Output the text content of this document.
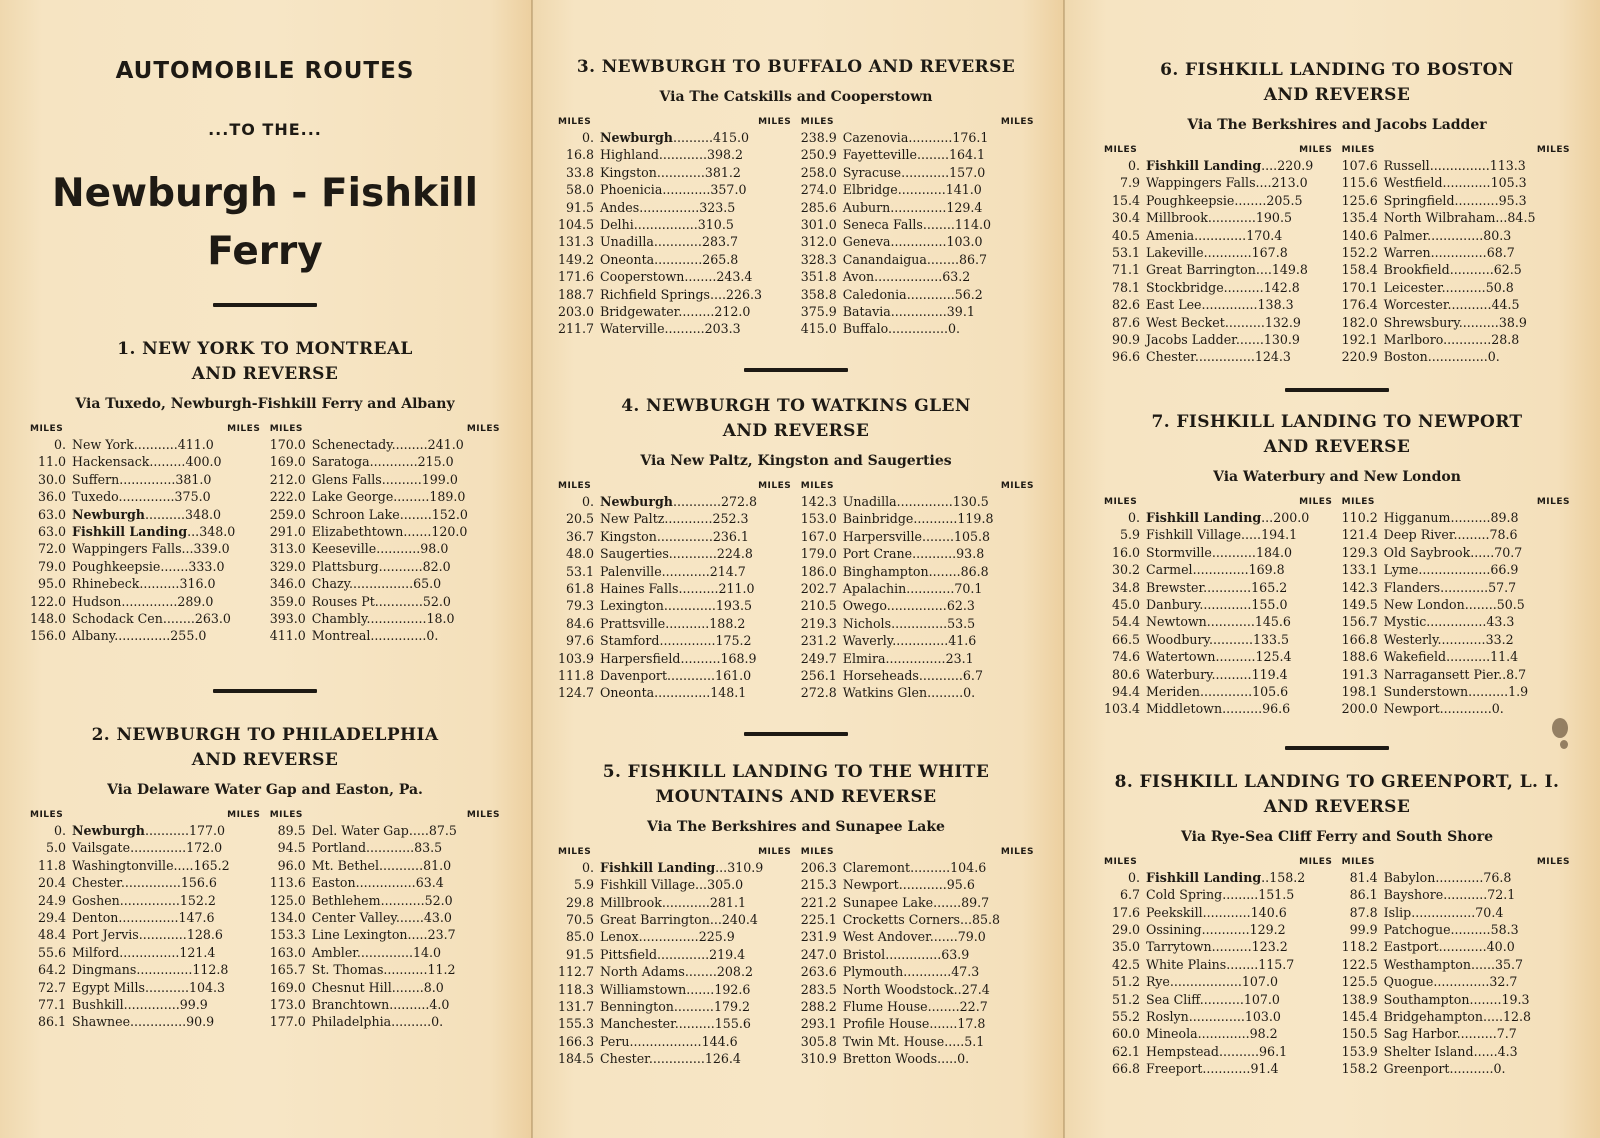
AUTOMOBILE ROUTES
...TO THE...
Newburgh - Fishkill
Ferry
1. NEW YORK TO MONTREAL
AND REVERSE
Via Tuxedo, Newburgh-Fishkill Ferry and Albany
MILES	MILES
0. New York...........411.0
11.0 Hackensack.........400.0
30.0 Suffern..............381.0
36.0 Tuxedo..............375.0
63.0 Newburgh..........348.0
63.0 Fishkill Landing...348.0
72.0 Wappingers Falls...339.0
79.0 Poughkeepsie.......333.0
95.0 Rhinebeck..........316.0
122.0 Hudson..............289.0
148.0 Schodack Cen........263.0
156.0 Albany..............255.0
MILES	MILES
170.0 Schenectady.........241.0
169.0 Saratoga............215.0
212.0 Glens Falls..........199.0
222.0 Lake George.........189.0
259.0 Schroon Lake........152.0
291.0 Elizabethtown.......120.0
313.0 Keeseville...........98.0
329.0 Plattsburg...........82.0
346.0 Chazy................65.0
359.0 Rouses Pt............52.0
393.0 Chambly...............18.0
411.0 Montreal..............0.
2. NEWBURGH TO PHILADELPHIA
AND REVERSE
Via Delaware Water Gap and Easton, Pa.
MILES	MILES
0. Newburgh...........177.0
5.0 Vailsgate..............172.0
11.8 Washingtonville.....165.2
20.4 Chester...............156.6
24.9 Goshen...............152.2
29.4 Denton...............147.6
48.4 Port Jervis............128.6
55.6 Milford...............121.4
64.2 Dingmans..............112.8
72.7 Egypt Mills...........104.3
77.1 Bushkill..............99.9
86.1 Shawnee..............90.9
MILES	MILES
89.5 Del. Water Gap.....87.5
94.5 Portland............83.5
96.0 Mt. Bethel...........81.0
113.6 Easton...............63.4
125.0 Bethlehem...........52.0
134.0 Center Valley.......43.0
153.3 Line Lexington.....23.7
163.0 Ambler..............14.0
165.7 St. Thomas...........11.2
169.0 Chesnut Hill........8.0
173.0 Branchtown..........4.0
177.0 Philadelphia..........0.
3. NEWBURGH TO BUFFALO AND REVERSE
Via The Catskills and Cooperstown
MILES	MILES
0. Newburgh..........415.0
16.8 Highland............398.2
33.8 Kingston............381.2
58.0 Phoenicia............357.0
91.5 Andes...............323.5
104.5 Delhi................310.5
131.3 Unadilla............283.7
149.2 Oneonta............265.8
171.6 Cooperstown........243.4
188.7 Richfield Springs....226.3
203.0 Bridgewater.........212.0
211.7 Waterville..........203.3
MILES	MILES
238.9 Cazenovia...........176.1
250.9 Fayetteville........164.1
258.0 Syracuse............157.0
274.0 Elbridge............141.0
285.6 Auburn..............129.4
301.0 Seneca Falls........114.0
312.0 Geneva..............103.0
328.3 Canandaigua........86.7
351.8 Avon.................63.2
358.8 Caledonia............56.2
375.9 Batavia..............39.1
415.0 Buffalo...............0.
4. NEWBURGH TO WATKINS GLEN
AND REVERSE
Via New Paltz, Kingston and Saugerties
MILES	MILES
0. Newburgh............272.8
20.5 New Paltz............252.3
36.7 Kingston..............236.1
48.0 Saugerties............224.8
53.1 Palenville............214.7
61.8 Haines Falls..........211.0
79.3 Lexington.............193.5
84.6 Prattsville...........188.2
97.6 Stamford..............175.2
103.9 Harpersfield..........168.9
111.8 Davenport............161.0
124.7 Oneonta..............148.1
MILES	MILES
142.3 Unadilla..............130.5
153.0 Bainbridge...........119.8
167.0 Harpersville........105.8
179.0 Port Crane...........93.8
186.0 Binghampton........86.8
202.7 Apalachin............70.1
210.5 Owego...............62.3
219.3 Nichols..............53.5
231.2 Waverly..............41.6
249.7 Elmira...............23.1
256.1 Horseheads...........6.7
272.8 Watkins Glen.........0.
5. FISHKILL LANDING TO THE WHITE
MOUNTAINS AND REVERSE
Via The Berkshires and Sunapee Lake
MILES	MILES
0. Fishkill Landing...310.9
5.9 Fishkill Village...305.0
29.8 Millbrook............281.1
70.5 Great Barrington...240.4
85.0 Lenox...............225.9
91.5 Pittsfield.............219.4
112.7 North Adams........208.2
118.3 Williamstown.......192.6
131.7 Bennington..........179.2
155.3 Manchester..........155.6
166.3 Peru..................144.6
184.5 Chester..............126.4
MILES	MILES
206.3 Claremont..........104.6
215.3 Newport............95.6
221.2 Sunapee Lake.......89.7
225.1 Crocketts Corners...85.8
231.9 West Andover.......79.0
247.0 Bristol..............63.9
263.6 Plymouth............47.3
283.5 North Woodstock..27.4
288.2 Flume House........22.7
293.1 Profile House.......17.8
305.8 Twin Mt. House.....5.1
310.9 Bretton Woods.....0.
6. FISHKILL LANDING TO BOSTON
AND REVERSE
Via The Berkshires and Jacobs Ladder
MILES	MILES
0. Fishkill Landing....220.9
7.9 Wappingers Falls....213.0
15.4 Poughkeepsie........205.5
30.4 Millbrook............190.5
40.5 Amenia.............170.4
53.1 Lakeville............167.8
71.1 Great Barrington....149.8
78.1 Stockbridge..........142.8
82.6 East Lee..............138.3
87.6 West Becket..........132.9
90.9 Jacobs Ladder.......130.9
96.6 Chester...............124.3
MILES	MILES
107.6 Russell...............113.3
115.6 Westfield............105.3
125.6 Springfield...........95.3
135.4 North Wilbraham...84.5
140.6 Palmer..............80.3
152.2 Warren..............68.7
158.4 Brookfield...........62.5
170.1 Leicester...........50.8
176.4 Worcester...........44.5
182.0 Shrewsbury..........38.9
192.1 Marlboro............28.8
220.9 Boston...............0.
7. FISHKILL LANDING TO NEWPORT
AND REVERSE
Via Waterbury and New London
MILES	MILES
0. Fishkill Landing...200.0
5.9 Fishkill Village.....194.1
16.0 Stormville...........184.0
30.2 Carmel..............169.8
34.8 Brewster............165.2
45.0 Danbury.............155.0
54.4 Newtown............145.6
66.5 Woodbury...........133.5
74.6 Watertown..........125.4
80.6 Waterbury..........119.4
94.4 Meriden.............105.6
103.4 Middletown..........96.6
MILES	MILES
110.2 Higganum..........89.8
121.4 Deep River.........78.6
129.3 Old Saybrook......70.7
133.1 Lyme..................66.9
142.3 Flanders............57.7
149.5 New London........50.5
156.7 Mystic...............43.3
166.8 Westerly............33.2
188.6 Wakefield...........11.4
191.3 Narragansett Pier..8.7
198.1 Sunderstown..........1.9
200.0 Newport.............0.
8. FISHKILL LANDING TO GREENPORT, L. I.
AND REVERSE
Via Rye-Sea Cliff Ferry and South Shore
MILES	MILES
0. Fishkill Landing..158.2
6.7 Cold Spring.........151.5
17.6 Peekskill............140.6
29.0 Ossining............129.2
35.0 Tarrytown..........123.2
42.5 White Plains........115.7
51.2 Rye..................107.0
51.2 Sea Cliff...........107.0
55.2 Roslyn..............103.0
60.0 Mineola.............98.2
62.1 Hempstead..........96.1
66.8 Freeport............91.4
MILES	MILES
81.4 Babylon............76.8
86.1 Bayshore...........72.1
87.8 Islip................70.4
99.9 Patchogue..........58.3
118.2 Eastport............40.0
122.5 Westhampton......35.7
125.5 Quogue..............32.7
138.9 Southampton........19.3
145.4 Bridgehampton.....12.8
150.5 Sag Harbor..........7.7
153.9 Shelter Island......4.3
158.2 Greenport...........0.
